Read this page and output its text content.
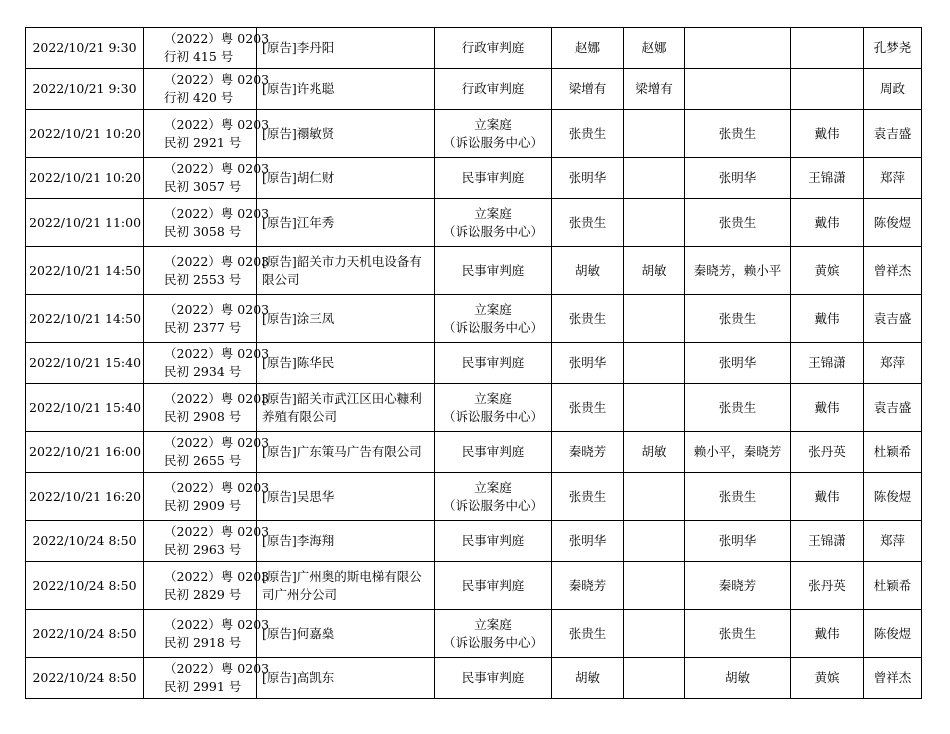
2022/10/21 9:30	（2022）粤 0203
行初 415 号	[原告]李丹阳	行政审判庭	赵娜	赵娜			孔梦尧
2022/10/21 9:30	（2022）粤 0203
行初 420 号	[原告]许兆聪	行政审判庭	梁增有	梁增有			周政
2022/10/21 10:20	（2022）粤 0203
民初 2921 号	[原告]禤敏贤	立案庭
（诉讼服务中心）	张贵生		张贵生	戴伟	袁吉盛
2022/10/21 10:20	（2022）粤 0203
民初 3057 号	[原告]胡仁财	民事审判庭	张明华		张明华	王锦潇	郑萍
2022/10/21 11:00	（2022）粤 0203
民初 3058 号	[原告]江年秀	立案庭
（诉讼服务中心）	张贵生		张贵生	戴伟	陈俊煜
2022/10/21 14:50	（2022）粤 0203
民初 2553 号	[原告]韶关市力天机电设备有限公司	民事审判庭	胡敏	胡敏	秦晓芳，赖小平	黄嫔	曾祥杰
2022/10/21 14:50	（2022）粤 0203
民初 2377 号	[原告]涂三凤	立案庭
（诉讼服务中心）	张贵生		张贵生	戴伟	袁吉盛
2022/10/21 15:40	（2022）粤 0203
民初 2934 号	[原告]陈华民	民事审判庭	张明华		张明华	王锦潇	郑萍
2022/10/21 15:40	（2022）粤 0203
民初 2908 号	[原告]韶关市武江区田心糠利养殖有限公司	立案庭
（诉讼服务中心）	张贵生		张贵生	戴伟	袁吉盛
2022/10/21 16:00	（2022）粤 0203
民初 2655 号	[原告]广东策马广告有限公司	民事审判庭	秦晓芳	胡敏	赖小平，秦晓芳	张丹英	杜颖希
2022/10/21 16:20	（2022）粤 0203
民初 2909 号	[原告]吴思华	立案庭
（诉讼服务中心）	张贵生		张贵生	戴伟	陈俊煜
2022/10/24 8:50	（2022）粤 0203
民初 2963 号	[原告]李海翔	民事审判庭	张明华		张明华	王锦潇	郑萍
2022/10/24 8:50	（2022）粤 0203
民初 2829 号	[原告]广州奥的斯电梯有限公司广州分公司	民事审判庭	秦晓芳		秦晓芳	张丹英	杜颖希
2022/10/24 8:50	（2022）粤 0203
民初 2918 号	[原告]何嘉燊	立案庭
（诉讼服务中心）	张贵生		张贵生	戴伟	陈俊煜
2022/10/24 8:50	（2022）粤 0203
民初 2991 号	[原告]高凯东	民事审判庭	胡敏		胡敏	黄嫔	曾祥杰
